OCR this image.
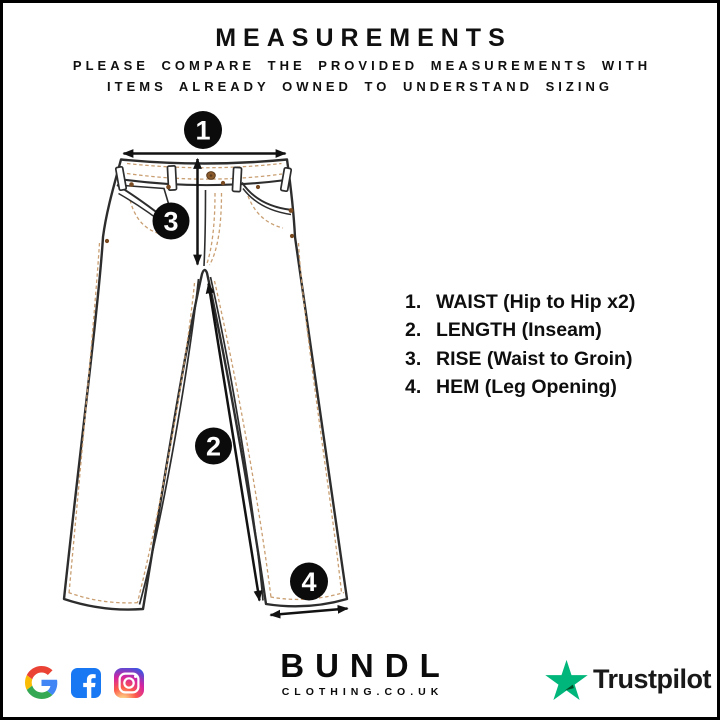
MEASUREMENTS

PLEASE COMPARE THE PROVIDED MEASUREMENTS WITH
ITEMS ALREADY OWNED TO UNDERSTAND SIZING

1
3
2
4
1. WAIST (Hip to Hip x2)
2. LENGTH (Inseam)
3. RISE (Waist to Groin)
4. HEM (Leg Opening)
BUNDL
CLOTHING.CO.UK	Trustpilot
